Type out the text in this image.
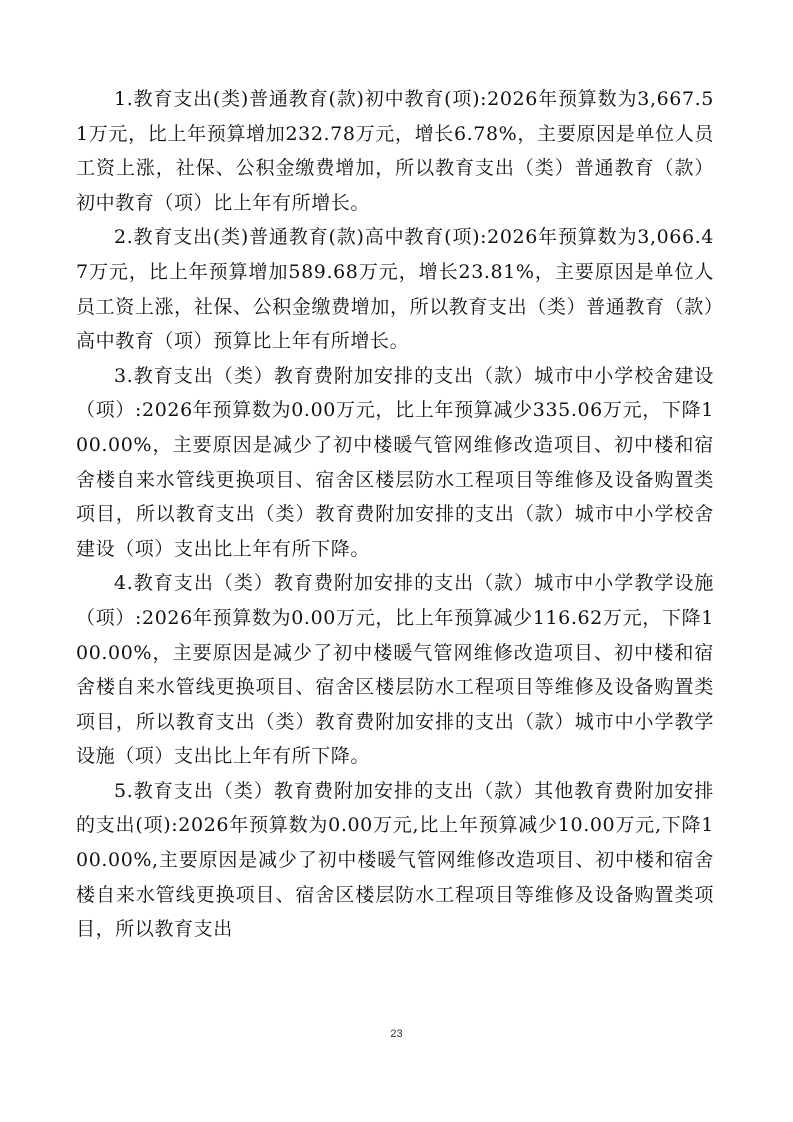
1.教育支出(类)普通教育(款)初中教育(项):2026年预算数为3,667.51万元，比上年预算增加232.78万元，增长6.78%，主要原因是单位人员工资上涨，社保、公积金缴费增加，所以教育支出（类）普通教育（款）初中教育（项）比上年有所增长。

2.教育支出(类)普通教育(款)高中教育(项):2026年预算数为3,066.47万元，比上年预算增加589.68万元，增长23.81%，主要原因是单位人员工资上涨，社保、公积金缴费增加，所以教育支出（类）普通教育（款）高中教育（项）预算比上年有所增长。

3.教育支出（类）教育费附加安排的支出（款）城市中小学校舍建设（项）:2026年预算数为0.00万元，比上年预算减少335.06万元，下降100.00%，主要原因是减少了初中楼暖气管网维修改造项目、初中楼和宿舍楼自来水管线更换项目、宿舍区楼层防水工程项目等维修及设备购置类项目，所以教育支出（类）教育费附加安排的支出（款）城市中小学校舍建设（项）支出比上年有所下降。

4.教育支出（类）教育费附加安排的支出（款）城市中小学教学设施（项）:2026年预算数为0.00万元，比上年预算减少116.62万元，下降100.00%，主要原因是减少了初中楼暖气管网维修改造项目、初中楼和宿舍楼自来水管线更换项目、宿舍区楼层防水工程项目等维修及设备购置类项目，所以教育支出（类）教育费附加安排的支出（款）城市中小学教学设施（项）支出比上年有所下降。

5.教育支出（类）教育费附加安排的支出（款）其他教育费附加安排的支出(项):2026年预算数为0.00万元,比上年预算减少10.00万元,下降100.00%,主要原因是减少了初中楼暖气管网维修改造项目、初中楼和宿舍楼自来水管线更换项目、宿舍区楼层防水工程项目等维修及设备购置类项目，所以教育支出

23
